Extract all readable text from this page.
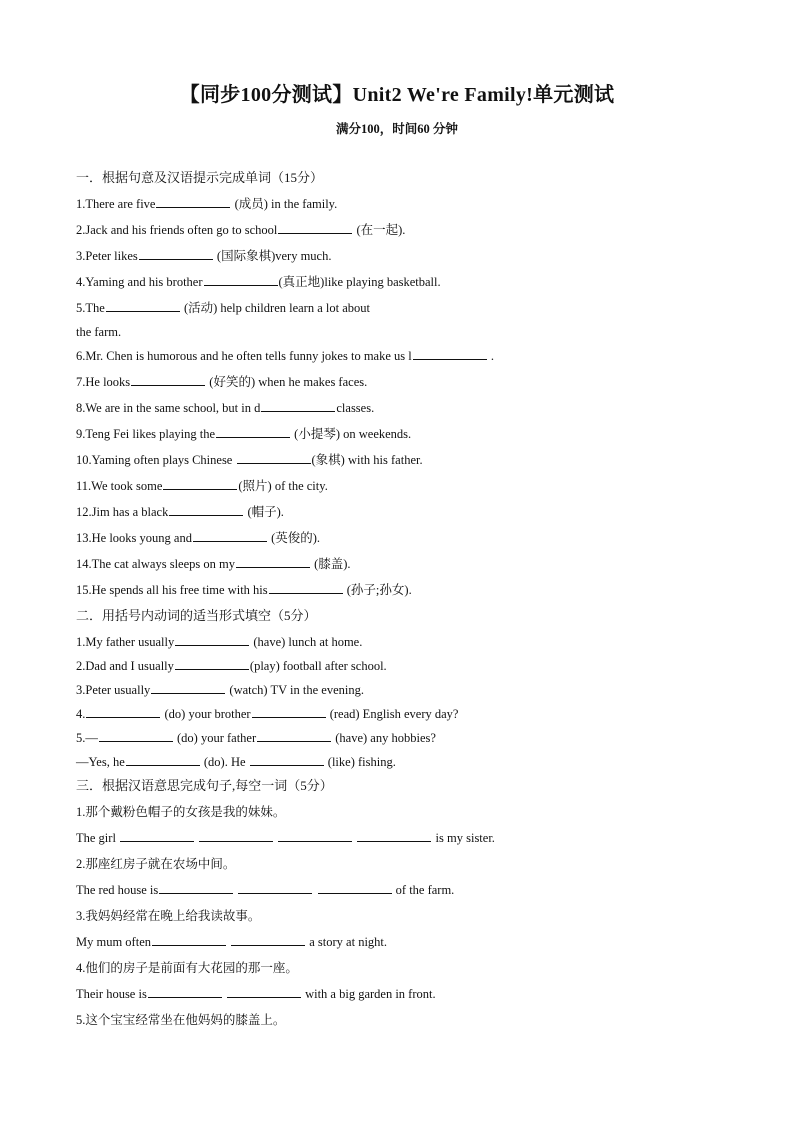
【同步100分测试】Unit2 We're Family!单元测试
满分100，时间60 分钟
一．根据句意及汉语提示完成单词（15分）
1.There are five	(成员) in the family.
2.Jack and his friends often go to school	(在一起).
3.Peter likes	(国际象棋)very much.
4.Yaming and his brother	(真正地)like playing basketball.
5.The	(活动) help children learn a lot about
the farm.
6.Mr. Chen is humorous and he often tells funny jokes to make us l	.
7.He looks	(好笑的) when he makes faces.
8.We are in the same school, but in d	classes.
9.Teng Fei likes playing the	(小提琴) on weekends.
10.Yaming often plays Chinese	(象棋) with his father.
11.We took some	(照片) of the city.
12.Jim has a black	(帽子).
13.He looks young and	(英俊的).
14.The cat always sleeps on my	(膝盖).
15.He spends all his free time with his	(孙子;孙女).
二．用括号内动词的适当形式填空（5分）
1.My father usually	(have) lunch at home.
2.Dad and I usually	(play) football after school.
3.Peter usually	(watch) TV in the evening.
4.	(do) your brother	(read) English every day?
5.—	(do) your father	(have) any hobbies?
—Yes, he	(do). He	(like) fishing.
三．根据汉语意思完成句子,每空一词（5分）
1.那个戴粉色帽子的女孩是我的妹妹。
The girl	is my sister.
2.那座红房子就在农场中间。
The red house is	of the farm.
3.我妈妈经常在晚上给我读故事。
My mum often	a story at night.
4.他们的房子是前面有大花园的那一座。
Their house is	with a big garden in front.
5.这个宝宝经常坐在他妈妈的膝盖上。
